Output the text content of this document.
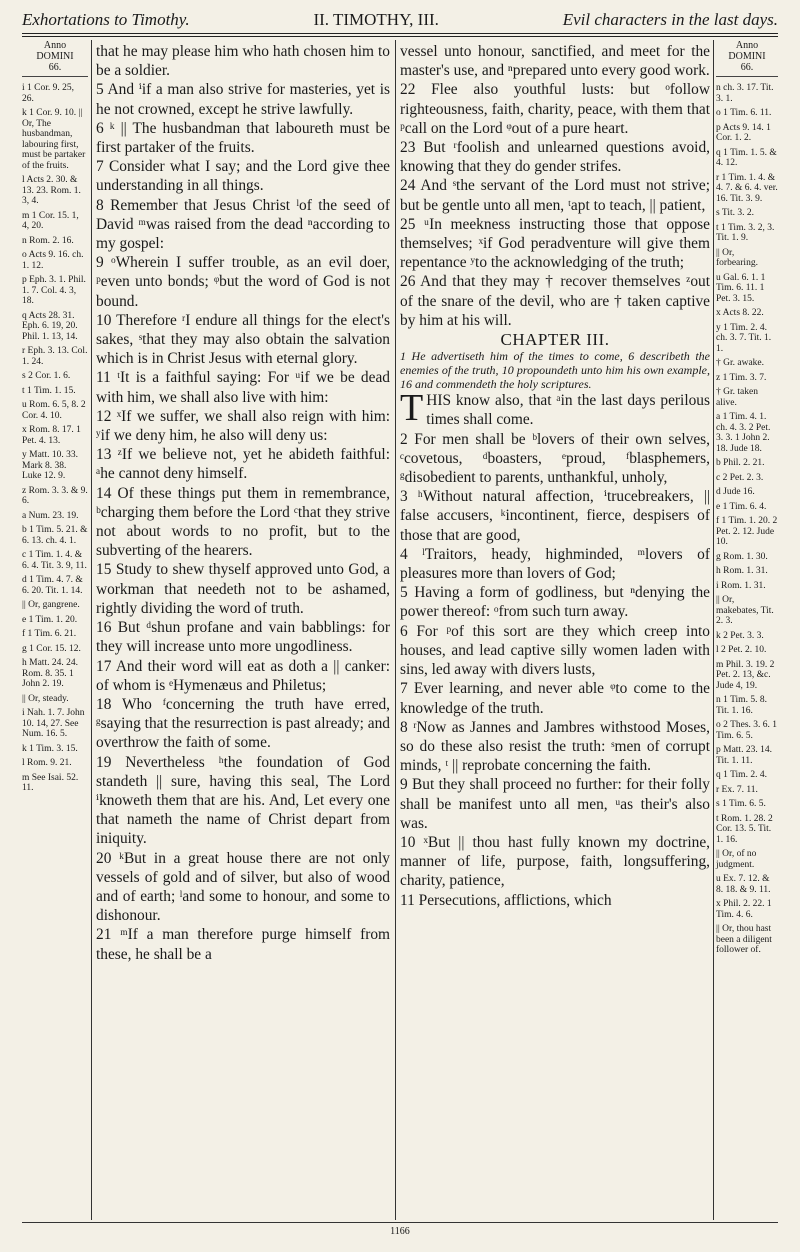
Exhortations to Timothy.	II. TIMOTHY, III.	Evil characters in the last days.
Anno
DOMINI
66.
i 1 Cor. 9. 25, 26.
k 1 Cor. 9. 10. || Or, The husbandman, labouring first, must be partaker of the fruits.
l Acts 2. 30. & 13. 23. Rom. 1. 3, 4.
m 1 Cor. 15. 1, 4, 20.
n Rom. 2. 16.
o Acts 9. 16. ch. 1. 12.
p Eph. 3. 1. Phil. 1. 7. Col. 4. 3, 18.
q Acts 28. 31. Eph. 6. 19, 20. Phil. 1. 13, 14.
r Eph. 3. 13. Col. 1. 24.
s 2 Cor. 1. 6.
t 1 Tim. 1. 15.
u Rom. 6. 5, 8. 2 Cor. 4. 10.
x Rom. 8. 17. 1 Pet. 4. 13.
y Matt. 10. 33. Mark 8. 38. Luke 12. 9.
z Rom. 3. 3. & 9. 6.
a Num. 23. 19.
b 1 Tim. 5. 21. & 6. 13. ch. 4. 1.
c 1 Tim. 1. 4. & 6. 4. Tit. 3. 9, 11.
d 1 Tim. 4. 7. & 6. 20. Tit. 1. 14.
|| Or, gangrene.
e 1 Tim. 1. 20.
f 1 Tim. 6. 21.
g 1 Cor. 15. 12.
h Matt. 24. 24. Rom. 8. 35. 1 John 2. 19.
|| Or, steady.
i Nah. 1. 7. John 10. 14, 27. See Num. 16. 5.
k 1 Tim. 3. 15.
l Rom. 9. 21.
m See Isai. 52. 11.

that he may please him who hath chosen him to be a soldier.

5 And ⁱif a man also strive for masteries, yet is he not crowned, except he strive lawfully.

6 ᵏ || The husbandman that laboureth must be first partaker of the fruits.

7 Consider what I say; and the Lord give thee understanding in all things.

8 Remember that Jesus Christ ˡof the seed of David ᵐwas raised from the dead ⁿaccording to my gospel:

9 ᵒWherein I suffer trouble, as an evil doer, ᵖeven unto bonds; ᵠbut the word of God is not bound.

10 Therefore ʳI endure all things for the elect's sakes, ˢthat they may also obtain the salvation which is in Christ Jesus with eternal glory.

11 ᵗIt is a faithful saying: For ᵘif we be dead with him, we shall also live with him:

12 ˣIf we suffer, we shall also reign with him: ʸif we deny him, he also will deny us:

13 ᶻIf we believe not, yet he abideth faithful: ᵃhe cannot deny himself.

14 Of these things put them in remembrance, ᵇcharging them before the Lord ᶜthat they strive not about words to no profit, but to the subverting of the hearers.

15 Study to shew thyself approved unto God, a workman that needeth not to be ashamed, rightly dividing the word of truth.

16 But ᵈshun profane and vain babblings: for they will increase unto more ungodliness.

17 And their word will eat as doth a || canker: of whom is ᵉHymenæus and Philetus;

18 Who ᶠconcerning the truth have erred, ᵍsaying that the resurrection is past already; and overthrow the faith of some.

19 Nevertheless ʰthe foundation of God standeth || sure, having this seal, The Lord ⁱknoweth them that are his. And, Let every one that nameth the name of Christ depart from iniquity.

20 ᵏBut in a great house there are not only vessels of gold and of silver, but also of wood and of earth; ˡand some to honour, and some to dishonour.

21 ᵐIf a man therefore purge himself from these, he shall be a

vessel unto honour, sanctified, and meet for the master's use, and ⁿprepared unto every good work.

22 Flee also youthful lusts: but ᵒfollow righteousness, faith, charity, peace, with them that ᵖcall on the Lord ᵠout of a pure heart.

23 But ʳfoolish and unlearned questions avoid, knowing that they do gender strifes.

24 And ˢthe servant of the Lord must not strive; but be gentle unto all men, ᵗapt to teach, || patient,

25 ᵘIn meekness instructing those that oppose themselves; ˣif God peradventure will give them repentance ʸto the acknowledging of the truth;

26 And that they may † recover themselves ᶻout of the snare of the devil, who are † taken captive by him at his will.

CHAPTER III.

1 He advertiseth him of the times to come, 6 describeth the enemies of the truth, 10 propoundeth unto him his own example, 16 and commendeth the holy scriptures.

THIS know also, that ᵃin the last days perilous times shall come.

2 For men shall be ᵇlovers of their own selves, ᶜcovetous, ᵈboasters, ᵉproud, ᶠblasphemers, ᵍdisobedient to parents, unthankful, unholy,

3 ʰWithout natural affection, ⁱtrucebreakers, || false accusers, ᵏincontinent, fierce, despisers of those that are good,

4 ˡTraitors, heady, highminded, ᵐlovers of pleasures more than lovers of God;

5 Having a form of godliness, but ⁿdenying the power thereof: ᵒfrom such turn away.

6 For ᵖof this sort are they which creep into houses, and lead captive silly women laden with sins, led away with divers lusts,

7 Ever learning, and never able ᵠto come to the knowledge of the truth.

8 ʳNow as Jannes and Jambres withstood Moses, so do these also resist the truth: ˢmen of corrupt minds, ᵗ || reprobate concerning the faith.

9 But they shall proceed no further: for their folly shall be manifest unto all men, ᵘas their's also was.

10 ˣBut || thou hast fully known my doctrine, manner of life, purpose, faith, longsuffering, charity, patience,

11 Persecutions, afflictions, which

Anno
DOMINI
66.
n ch. 3. 17. Tit. 3. 1.
o 1 Tim. 6. 11.
p Acts 9. 14. 1 Cor. 1. 2.
q 1 Tim. 1. 5. & 4. 12.
r 1 Tim. 1. 4. & 4. 7. & 6. 4. ver. 16. Tit. 3. 9.
s Tit. 3. 2.
t 1 Tim. 3. 2, 3. Tit. 1. 9.
|| Or, forbearing.
u Gal. 6. 1. 1 Tim. 6. 11. 1 Pet. 3. 15.
x Acts 8. 22.
y 1 Tim. 2. 4. ch. 3. 7. Tit. 1. 1.
† Gr. awake.
z 1 Tim. 3. 7.
† Gr. taken alive.
a 1 Tim. 4. 1. ch. 4. 3. 2 Pet. 3. 3. 1 John 2. 18. Jude 18.
b Phil. 2. 21.
c 2 Pet. 2. 3.
d Jude 16.
e 1 Tim. 6. 4.
f 1 Tim. 1. 20. 2 Pet. 2. 12. Jude 10.
g Rom. 1. 30.
h Rom. 1. 31.
i Rom. 1. 31.
|| Or, makebates, Tit. 2. 3.
k 2 Pet. 3. 3.
l 2 Pet. 2. 10.
m Phil. 3. 19. 2 Pet. 2. 13, &c. Jude 4, 19.
n 1 Tim. 5. 8. Tit. 1. 16.
o 2 Thes. 3. 6. 1 Tim. 6. 5.
p Matt. 23. 14. Tit. 1. 11.
q 1 Tim. 2. 4.
r Ex. 7. 11.
s 1 Tim. 6. 5.
t Rom. 1. 28. 2 Cor. 13. 5. Tit. 1. 16.
|| Or, of no judgment.
u Ex. 7. 12. & 8. 18. & 9. 11.
x Phil. 2. 22. 1 Tim. 4. 6.
|| Or, thou hast been a diligent follower of.
1166
